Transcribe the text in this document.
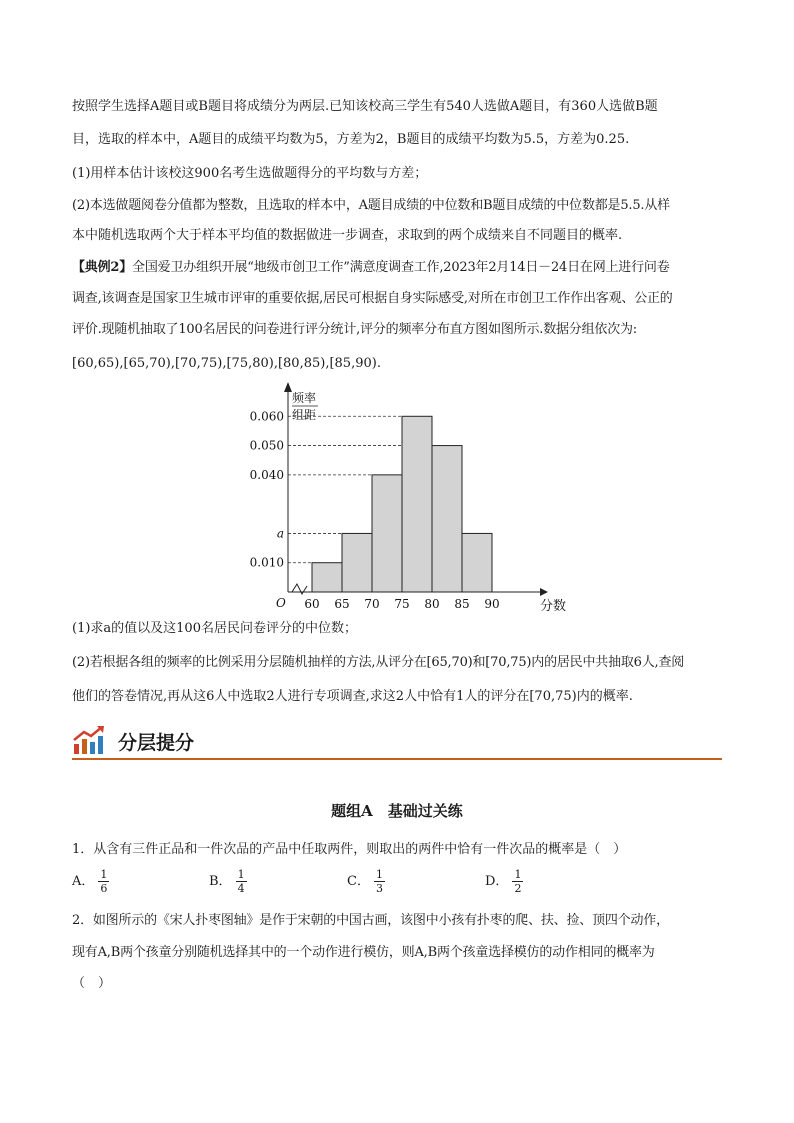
按照学生选择A题目或B题目将成绩分为两层.已知该校高三学生有540人选做A题目，有360人选做B题
目，选取的样本中，A题目的成绩平均数为5，方差为2，B题目的成绩平均数为5.5，方差为0.25.
(1)用样本估计该校这900名考生选做题得分的平均数与方差；
(2)本选做题阅卷分值都为整数，且选取的样本中，A题目成绩的中位数和B题目成绩的中位数都是5.5.从样
本中随机选取两个大于样本平均值的数据做进一步调查，求取到的两个成绩来自不同题目的概率.
【典例2】全国爱卫办组织开展“地级市创卫工作”满意度调查工作,2023年2月14日－24日在网上进行问卷
调查,该调查是国家卫生城市评审的重要依据,居民可根据自身实际感受,对所在市创卫工作作出客观、公正的
评价.现随机抽取了100名居民的问卷进行评分统计,评分的频率分布直方图如图所示.数据分组依次为:
[60,65),[65,70),[70,75),[75,80),[80,85),[85,90).
0.010
a
0.040
0.050
0.060
60 65 70 75 80 85 90
O	分数
频率
组距
(1)求a的值以及这100名居民问卷评分的中位数；
(2)若根据各组的频率的比例采用分层随机抽样的方法,从评分在[65,70)和[70,75)内的居民中共抽取6人,查阅
他们的答卷情况,再从这6人中选取2人进行专项调查,求这2人中恰有1人的评分在[70,75)内的概率.
分层提分
题组A　基础过关练
1．从含有三件正品和一件次品的产品中任取两件，则取出的两件中恰有一件次品的概率是（　）
A． $\frac{1}{6}$	B． $\frac{1}{4}$	C． $\frac{1}{3}$	D． $\frac{1}{2}$
2．如图所示的《宋人扑枣图轴》是作于宋朝的中国古画，该图中小孩有扑枣的爬、扶、捡、顶四个动作，
现有A,B两个孩童分别随机选择其中的一个动作进行模仿，则A,B两个孩童选择模仿的动作相同的概率为
（　）
